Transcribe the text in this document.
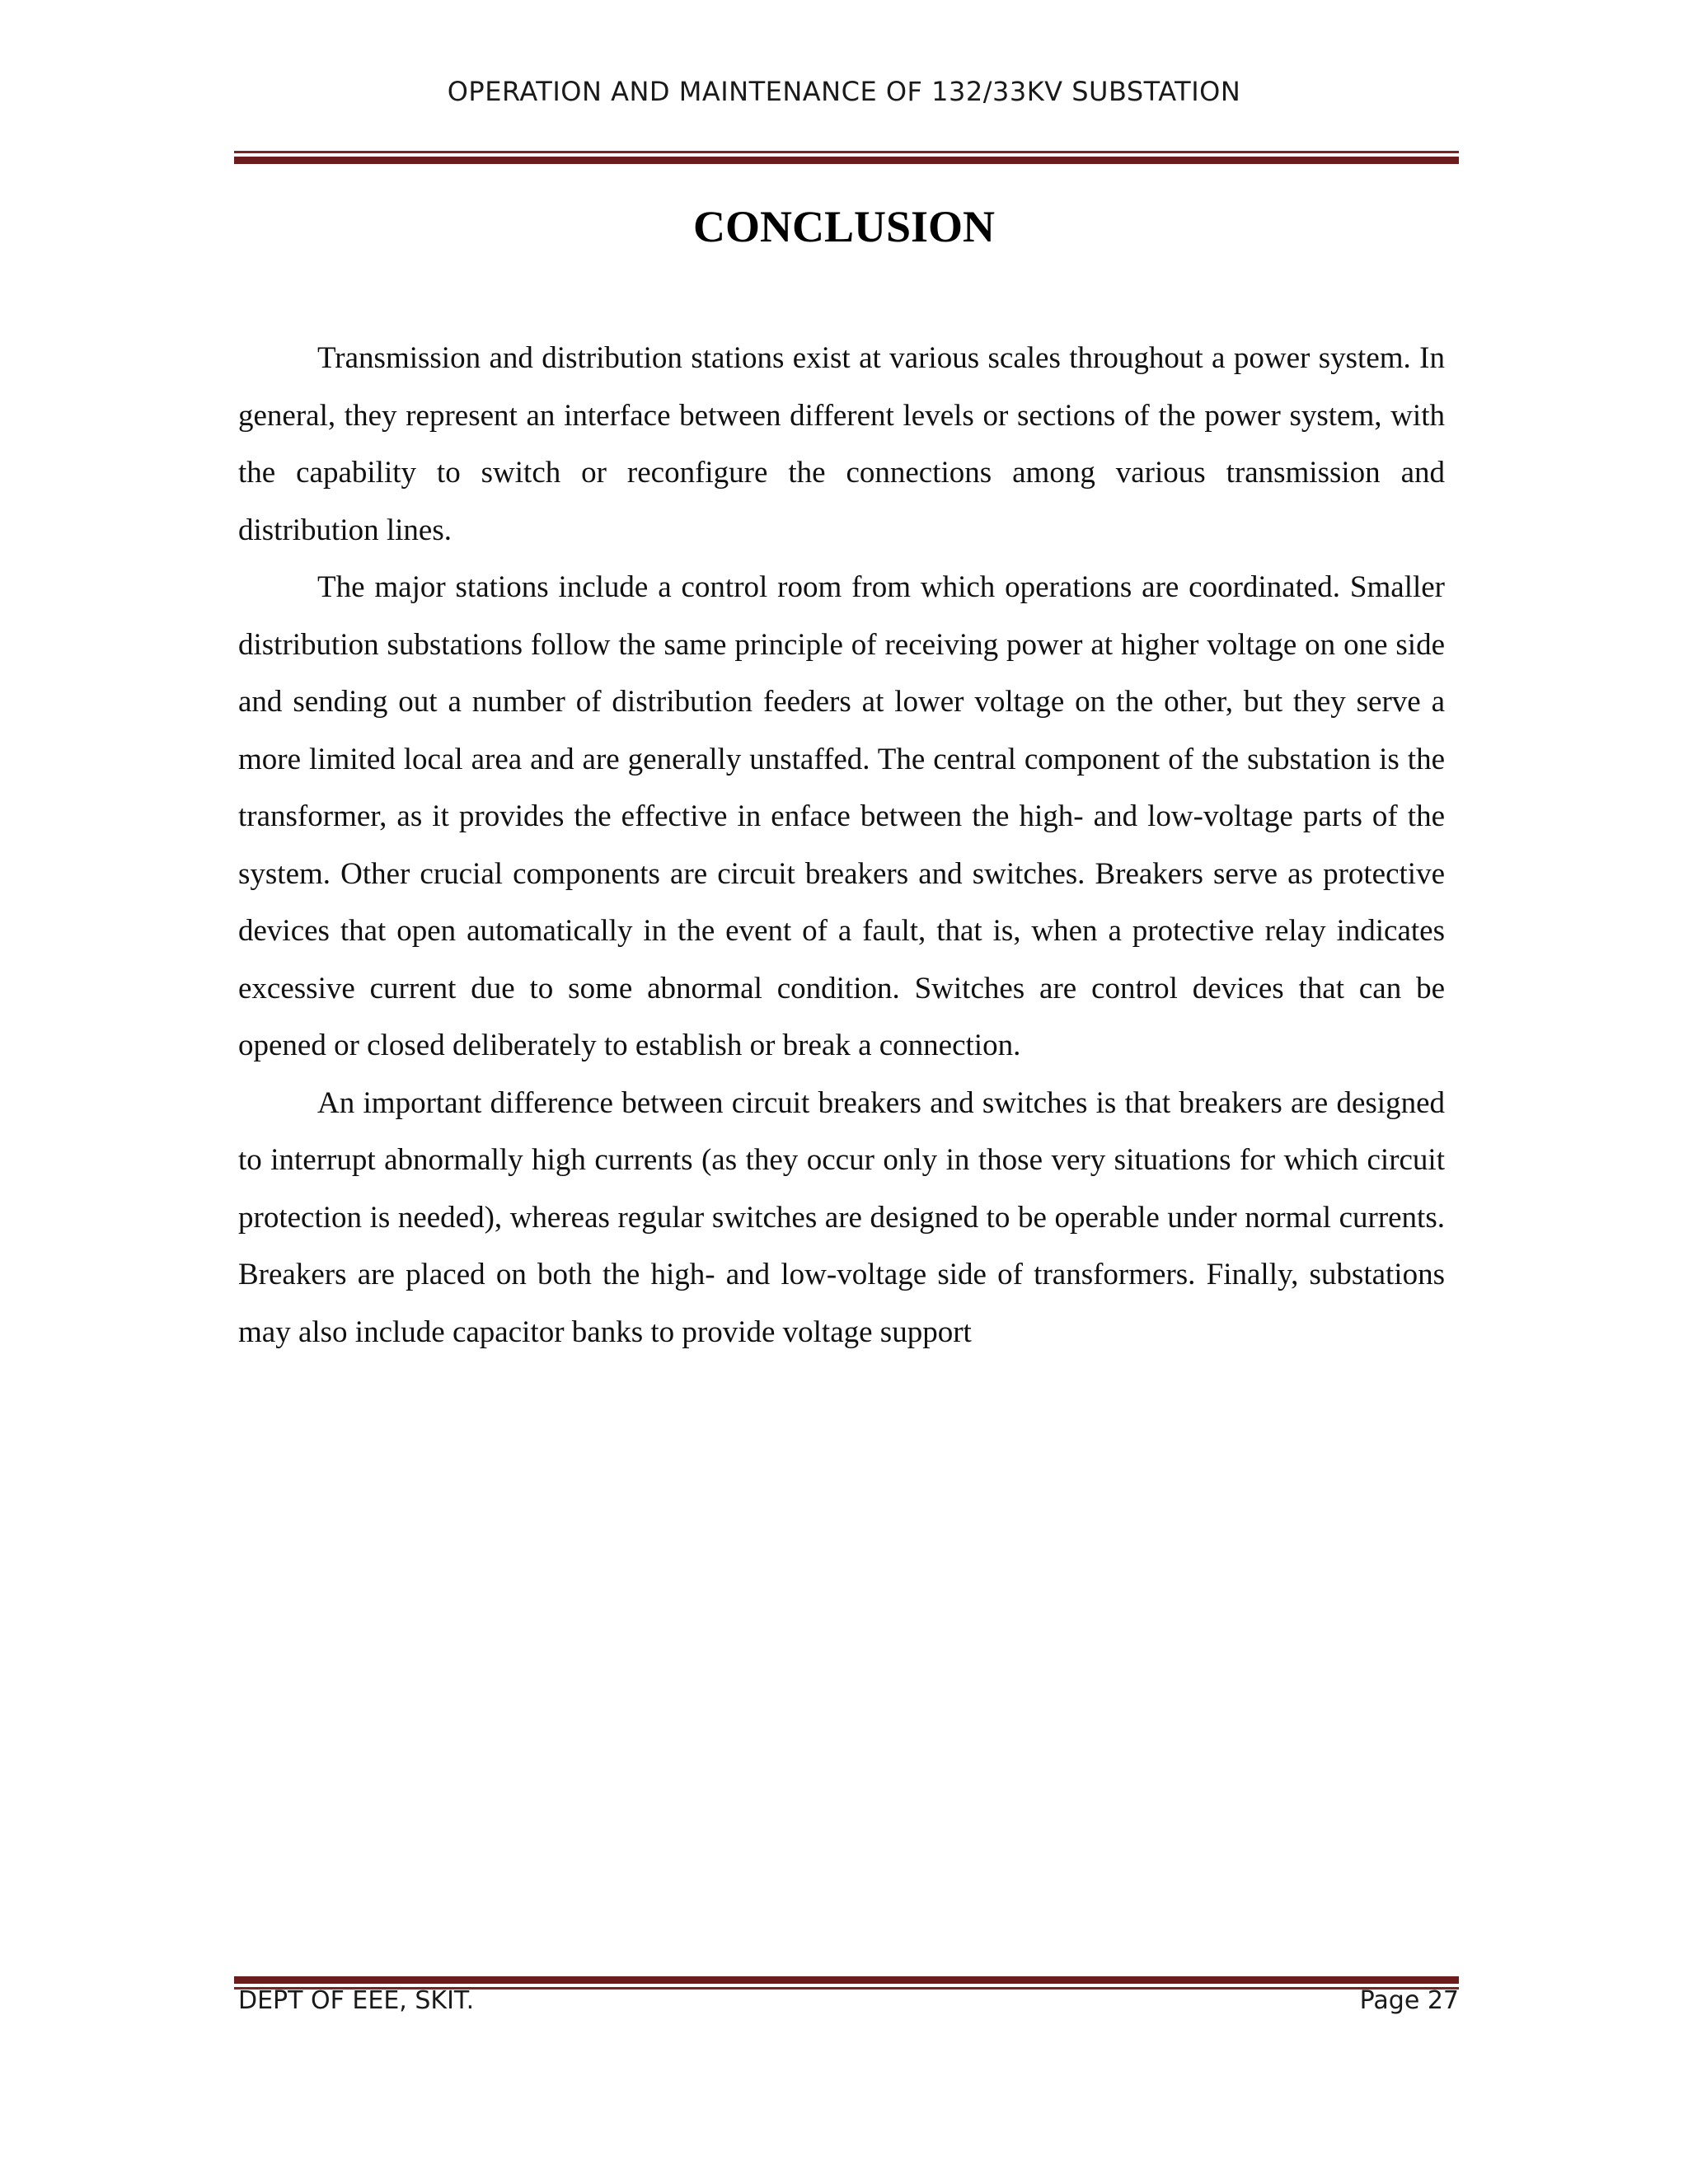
OPERATION AND MAINTENANCE OF 132/33KV SUBSTATION
CONCLUSION

Transmission and distribution stations exist at various scales throughout a power system. In general, they represent an interface between different levels or sections of the power system, with the capability to switch or reconfigure the connections among various transmission and distribution lines.

The major stations include a control room from which operations are coordinated. Smaller distribution substations follow the same principle of receiving power at higher voltage on one side and sending out a number of distribution feeders at lower voltage on the other, but they serve a more limited local area and are generally unstaffed. The central component of the substation is the transformer, as it provides the effective in enface between the high- and low-voltage parts of the system. Other crucial components are circuit breakers and switches. Breakers serve as protective devices that open automatically in the event of a fault, that is, when a protective relay indicates excessive current due to some abnormal condition. Switches are control devices that can be opened or closed deliberately to establish or break a connection.

An important difference between circuit breakers and switches is that breakers are designed to interrupt abnormally high currents (as they occur only in those very situations for which circuit protection is needed), whereas regular switches are designed to be operable under normal currents. Breakers are placed on both the high- and low-voltage side of transformers. Finally, substations may also include capacitor banks to provide voltage support

DEPT OF EEE, SKIT.	Page 27
